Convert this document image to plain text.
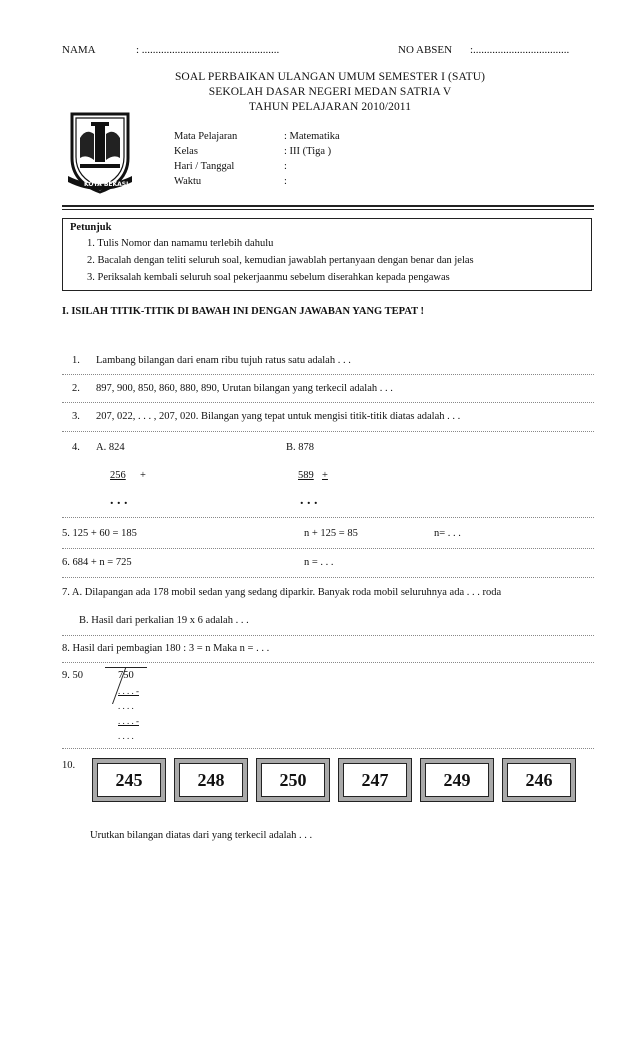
NAMA	: ..................................................	NO ABSEN :...................................
KOTA BEKASI
SOAL PERBAIKAN ULANGAN UMUM SEMESTER I (SATU)
SEKOLAH DASAR NEGERI MEDAN SATRIA V
TAHUN PELAJARAN 2010/2011
Mata Pelajaran	: Matematika
Kelas	: III (Tiga )
Hari / Tanggal	:
Waktu	:
Petunjuk
1. Tulis Nomor dan namamu terlebih dahulu
2. Bacalah dengan teliti seluruh soal, kemudian jawablah pertanyaan dengan benar dan jelas
3. Periksalah kembali seluruh soal pekerjaanmu sebelum diserahkan kepada pengawas
I. ISILAH TITIK-TITIK DI BAWAH INI DENGAN JAWABAN YANG TEPAT !
1. Lambang bilangan dari enam ribu tujuh ratus satu adalah . . .
2. 897, 900, 850, 860, 880, 890, Urutan bilangan yang terkecil adalah . . .
3. 207, 022, . . . , 207, 020. Bilangan yang tepat untuk mengisi titik-titik diatas adalah . . .
4. A. 824
256 +
. . .
B. 878
589 +
. . .
5. 125 + 60 = 185	n + 125 = 85	n= . . .
6. 684 + n = 725	n = . . .
7. A. Dilapangan ada 178 mobil sedan yang sedang diparkir. Banyak roda mobil seluruhnya ada . . . roda
B. Hasil dari perkalian 19 x 6 adalah . . .
8. Hasil dari pembagian 180 : 3 = n Maka n = . . .
9. 50	750
. . . . -
. . . .
. . . . -
. . . .
10.
245	248	250	247	249	246
Urutkan bilangan diatas dari yang terkecil adalah . . .
